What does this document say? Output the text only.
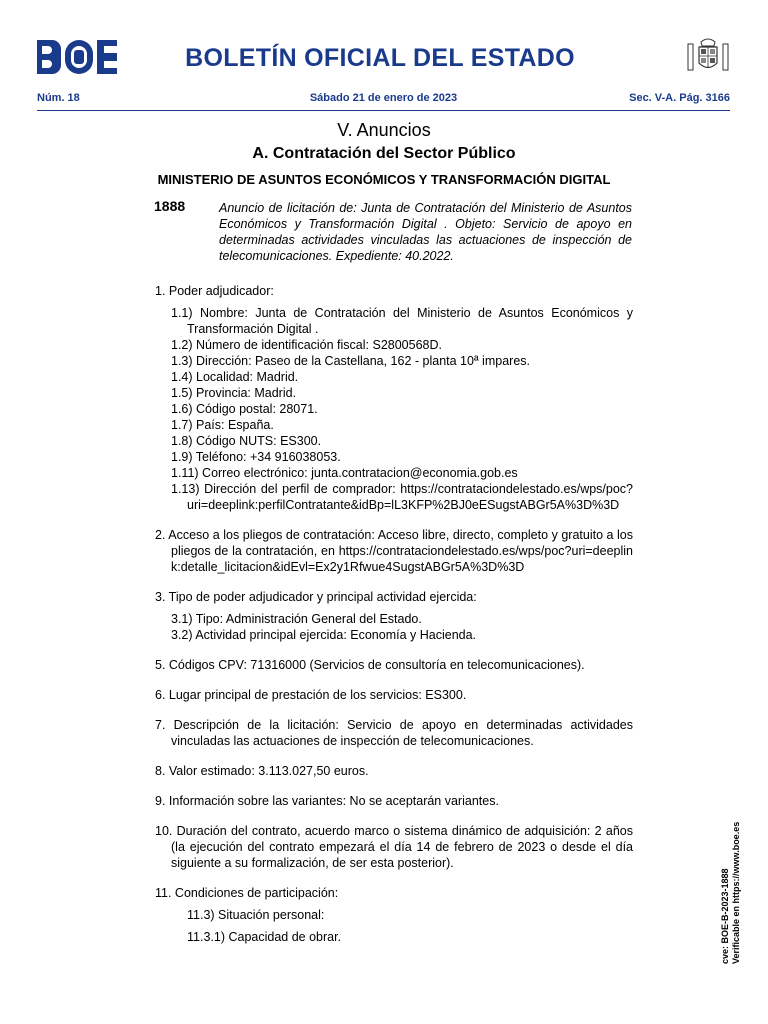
BOLETÍN OFICIAL DEL ESTADO
Núm. 18	Sábado 21 de enero de 2023	Sec. V-A. Pág. 3166
V. Anuncios
A. Contratación del Sector Público
MINISTERIO DE ASUNTOS ECONÓMICOS Y TRANSFORMACIÓN DIGITAL
1888	Anuncio de licitación de: Junta de Contratación del Ministerio de Asuntos Económicos y Transformación Digital . Objeto: Servicio de apoyo en determinadas actividades vinculadas las actuaciones de inspección de telecomunicaciones. Expediente: 40.2022.
1. Poder adjudicador:

1.1) Nombre: Junta de Contratación del Ministerio de Asuntos Económicos y Transformación Digital .

1.2) Número de identificación fiscal: S2800568D.

1.3) Dirección: Paseo de la Castellana, 162 - planta 10ª impares.

1.4) Localidad: Madrid.

1.5) Provincia: Madrid.

1.6) Código postal: 28071.

1.7) País: España.

1.8) Código NUTS: ES300.

1.9) Teléfono: +34 916038053.

1.11) Correo electrónico: junta.contratacion@economia.gob.es

1.13) Dirección del perfil de comprador: https://contrataciondelestado.es/wps/poc?uri=deeplink:perfilContratante&idBp=lL3KFP%2BJ0eESugstABGr5A%3D%3D

2. Acceso a los pliegos de contratación: Acceso libre, directo, completo y gratuito a los pliegos de la contratación, en https://contrataciondelestado.es/wps/poc?uri=deeplink:detalle_licitacion&idEvl=Ex2y1Rfwue4SugstABGr5A%3D%3D

3. Tipo de poder adjudicador y principal actividad ejercida:

3.1) Tipo: Administración General del Estado.

3.2) Actividad principal ejercida: Economía y Hacienda.

5. Códigos CPV: 71316000 (Servicios de consultoría en telecomunicaciones).

6. Lugar principal de prestación de los servicios: ES300.

7. Descripción de la licitación: Servicio de apoyo en determinadas actividades vinculadas las actuaciones de inspección de telecomunicaciones.

8. Valor estimado: 3.113.027,50 euros.

9. Información sobre las variantes: No se aceptarán variantes.

10. Duración del contrato, acuerdo marco o sistema dinámico de adquisición: 2 años (la ejecución del contrato empezará el día 14 de febrero de 2023 o desde el día siguiente a su formalización, de ser esta posterior).

11. Condiciones de participación:

11.3) Situación personal:

11.3.1) Capacidad de obrar.	cve: BOE-B-2023-1888 Verificable en https://www.boe.es
